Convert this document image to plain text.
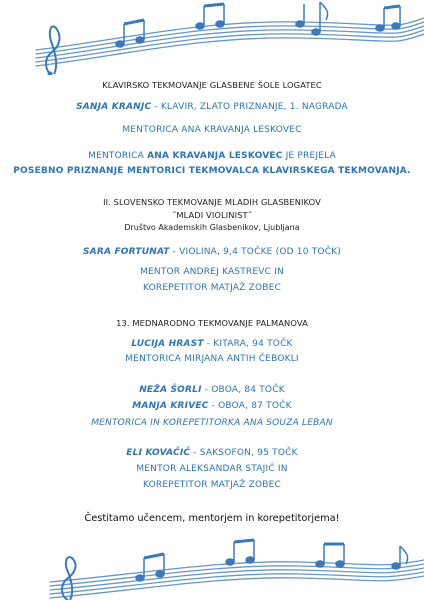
KLAVIRSKO TEKMOVANJE GLASBENE ŠOLE LOGATEC
SANJA KRANJC - KLAVIR, ZLATO PRIZNANJE, 1. NAGRADA
MENTORICA ANA KRAVANJA LESKOVEC
MENTORICA ANA KRAVANJA LESKOVEC JE PREJELA
POSEBNO PRIZNANJE MENTORICI TEKMOVALCA KLAVIRSKEGA TEKMOVANJA.
II. SLOVENSKO TEKMOVANJE MLADIH GLASBENIKOV
˝MLADI VIOLINIST˝
Društvo Akademskih Glasbenikov, Ljubljana
SARA FORTUNAT - VIOLINA, 9,4 TOČKE (OD 10 TOČK)
MENTOR ANDREJ KASTREVC IN
KOREPETITOR MATJAŽ ZOBEC
13. MEDNARODNO TEKMOVANJE PALMANOVA
LUCIJA HRAST - KITARA, 94 TOČK
MENTORICA MIRJANA ANTIH ČEBOKLI
NEŽA ŠORLI - OBOA, 84 TOČK
MANJA KRIVEC - OBOA, 87 TOČK
MENTORICA IN KOREPETITORKA ANA SOUZA LEBAN
ELI KOVAČIČ - SAKSOFON, 95 TOČK
MENTOR ALEKSANDAR STAJIĆ IN
KOREPETITOR MATJAŽ ZOBEC
Čestitamo učencem, mentorjem in korepetitorjema!
